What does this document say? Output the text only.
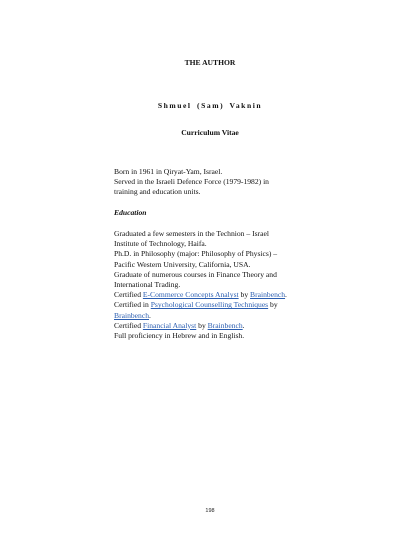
THE AUTHOR
Shmuel (Sam) Vaknin
Curriculum Vitae
Born in 1961 in Qiryat-Yam, Israel.
Served in the Israeli Defence Force (1979-1982) in
training and education units.
Education
Graduated a few semesters in the Technion – Israel
Institute of Technology, Haifa.
Ph.D. in Philosophy (major: Philosophy of Physics) –
Pacific Western University, California, USA.
Graduate of numerous courses in Finance Theory and
International Trading.
Certified E-Commerce Concepts Analyst by Brainbench.
Certified in Psychological Counselling Techniques by
Brainbench.
Certified Financial Analyst by Brainbench.
Full proficiency in Hebrew and in English.
198
